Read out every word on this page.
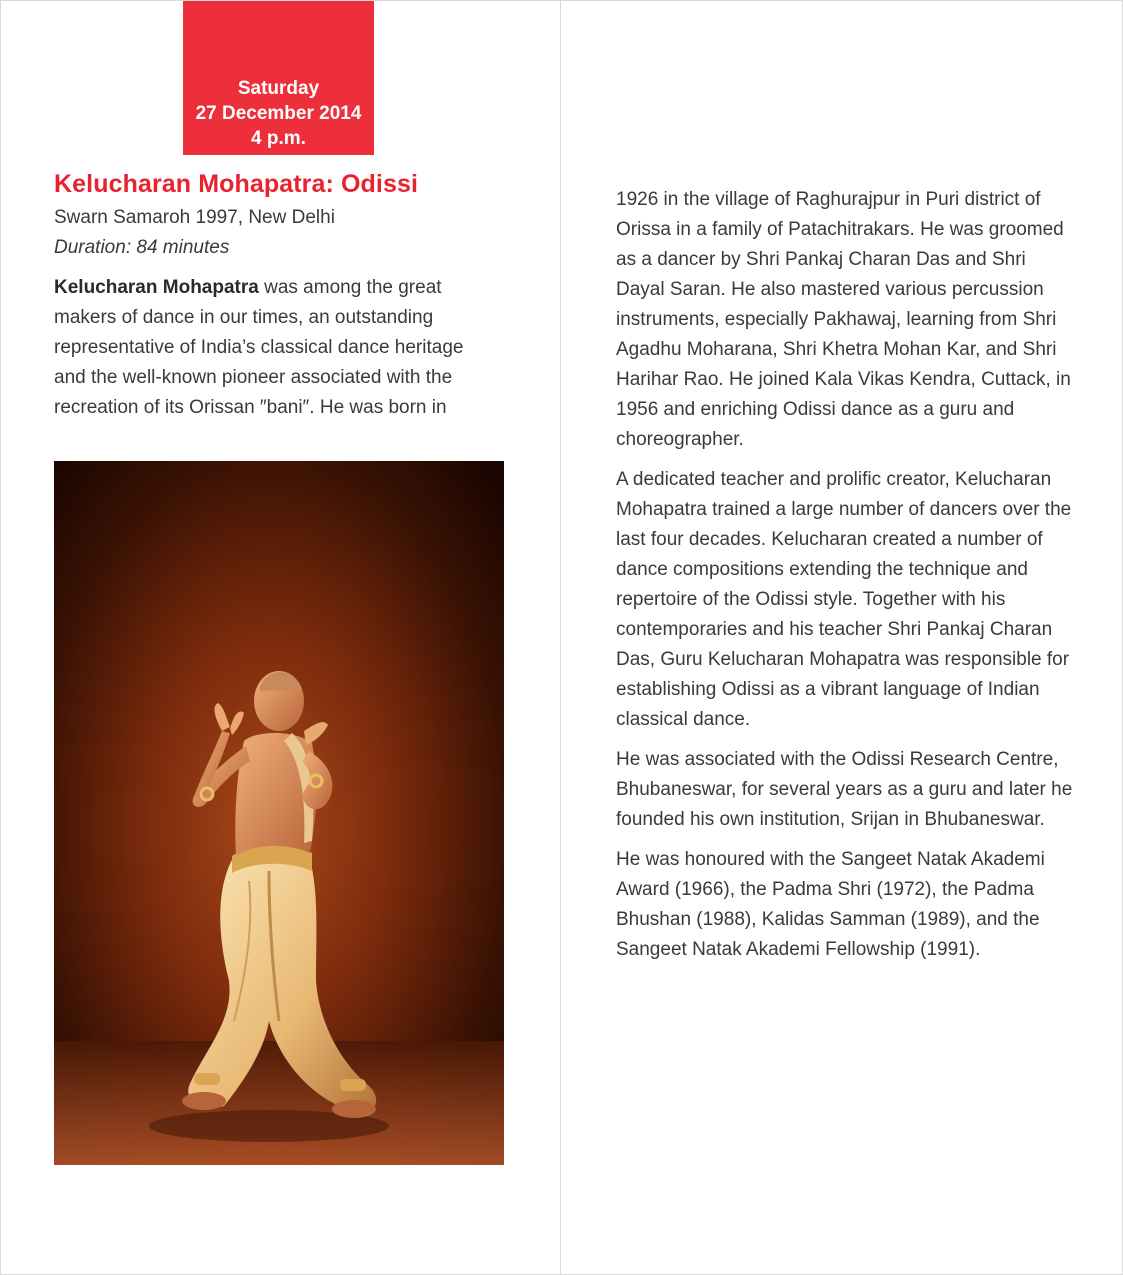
Saturday
27 December 2014
4 p.m.
Kelucharan Mohapatra: Odissi
Swarn Samaroh 1997, New Delhi
Duration: 84 minutes

Kelucharan Mohapatra was among the great makers of dance in our times, an outstanding representative of India’s classical dance heritage and the well-known pioneer associated with the recreation of its Orissan ″bani″. He was born in

1926 in the village of Raghurajpur in Puri district of Orissa in a family of Patachitrakars. He was groomed as a dancer by Shri Pankaj Charan Das and Shri Dayal Saran. He also mastered various percussion instruments, especially Pakhawaj, learning from Shri Agadhu Moharana, Shri Khetra Mohan Kar, and Shri Harihar Rao. He joined Kala Vikas Kendra, Cuttack, in 1956 and enriching Odissi dance as a guru and choreographer.

A dedicated teacher and prolific creator, Kelucharan Mohapatra trained a large number of dancers over the last four decades. Kelucharan created a number of dance compositions extending the technique and repertoire of the Odissi style. Together with his contemporaries and his teacher Shri Pankaj Charan Das, Guru Kelucharan Mohapatra was responsible for establishing Odissi as a vibrant language of Indian classical dance.

He was associated with the Odissi Research Centre, Bhubaneswar, for several years as a guru and later he founded his own institution, Srijan in Bhubaneswar.

He was honoured with the Sangeet Natak Akademi Award (1966), the Padma Shri (1972), the Padma Bhushan (1988), Kalidas Samman (1989), and the Sangeet Natak Akademi Fellowship (1991).
